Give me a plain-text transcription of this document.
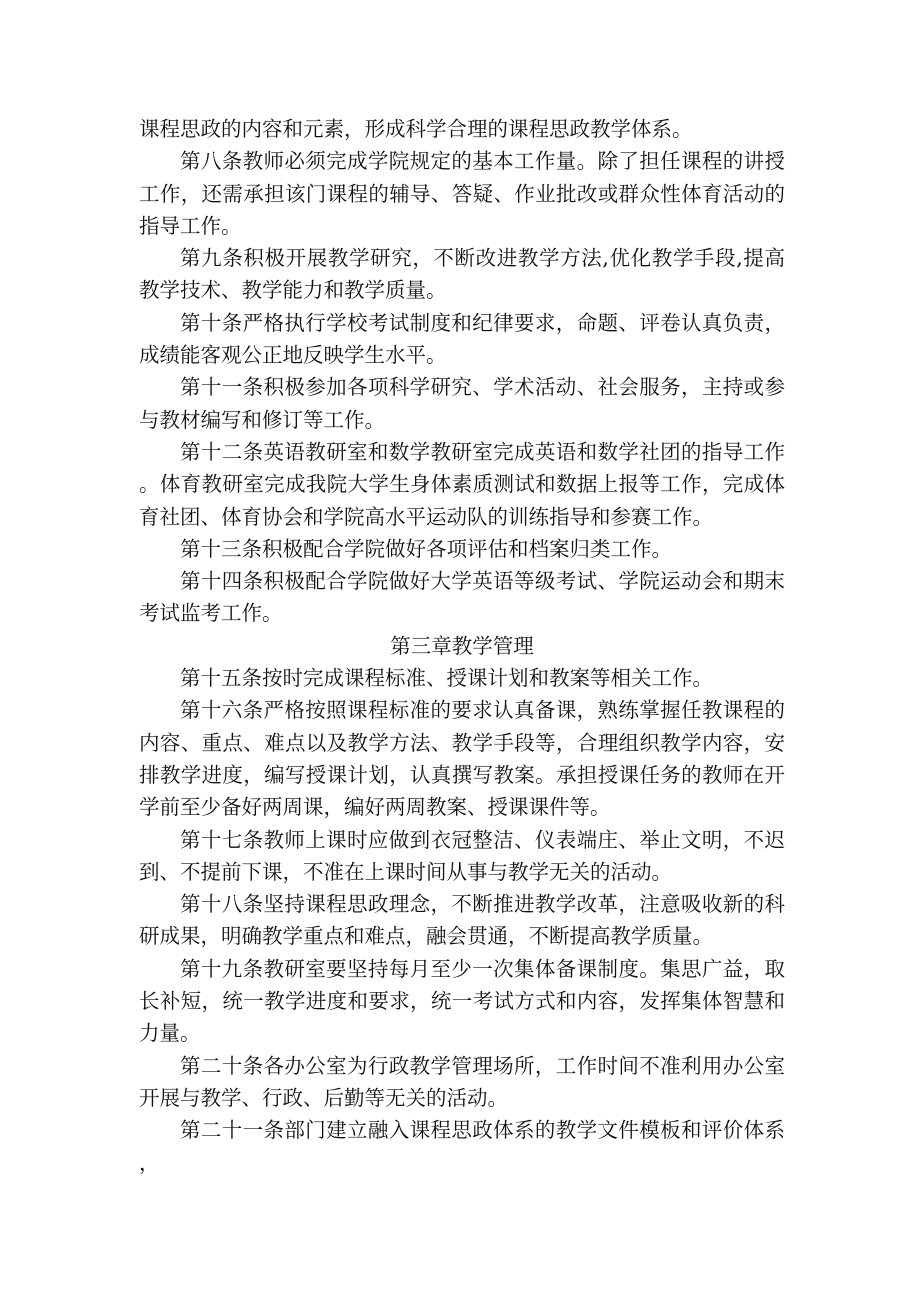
课程思政的内容和元素，形成科学合理的课程思政教学体系。

第八条教师必须完成学院规定的基本工作量。除了担任课程的讲授工作，还需承担该门课程的辅导、答疑、作业批改或群众性体育活动的指导工作。

第九条积极开展教学研究，不断改进教学方法,优化教学手段,提高教学技术、教学能力和教学质量。

第十条严格执行学校考试制度和纪律要求，命题、评卷认真负责，成绩能客观公正地反映学生水平。

第十一条积极参加各项科学研究、学术活动、社会服务，主持或参与教材编写和修订等工作。

第十二条英语教研室和数学教研室完成英语和数学社团的指导工作。体育教研室完成我院大学生身体素质测试和数据上报等工作，完成体育社团、体育协会和学院高水平运动队的训练指导和参赛工作。

第十三条积极配合学院做好各项评估和档案归类工作。

第十四条积极配合学院做好大学英语等级考试、学院运动会和期末考试监考工作。

第三章教学管理

第十五条按时完成课程标准、授课计划和教案等相关工作。

第十六条严格按照课程标准的要求认真备课，熟练掌握任教课程的内容、重点、难点以及教学方法、教学手段等，合理组织教学内容，安排教学进度，编写授课计划，认真撰写教案。承担授课任务的教师在开学前至少备好两周课，编好两周教案、授课课件等。

第十七条教师上课时应做到衣冠整洁、仪表端庄、举止文明，不迟到、不提前下课，不准在上课时间从事与教学无关的活动。

第十八条坚持课程思政理念，不断推进教学改革，注意吸收新的科研成果，明确教学重点和难点，融会贯通，不断提高教学质量。

第十九条教研室要坚持每月至少一次集体备课制度。集思广益，取长补短，统一教学进度和要求，统一考试方式和内容，发挥集体智慧和力量。

第二十条各办公室为行政教学管理场所，工作时间不准利用办公室开展与教学、行政、后勤等无关的活动。

第二十一条部门建立融入课程思政体系的教学文件模板和评价体系，
